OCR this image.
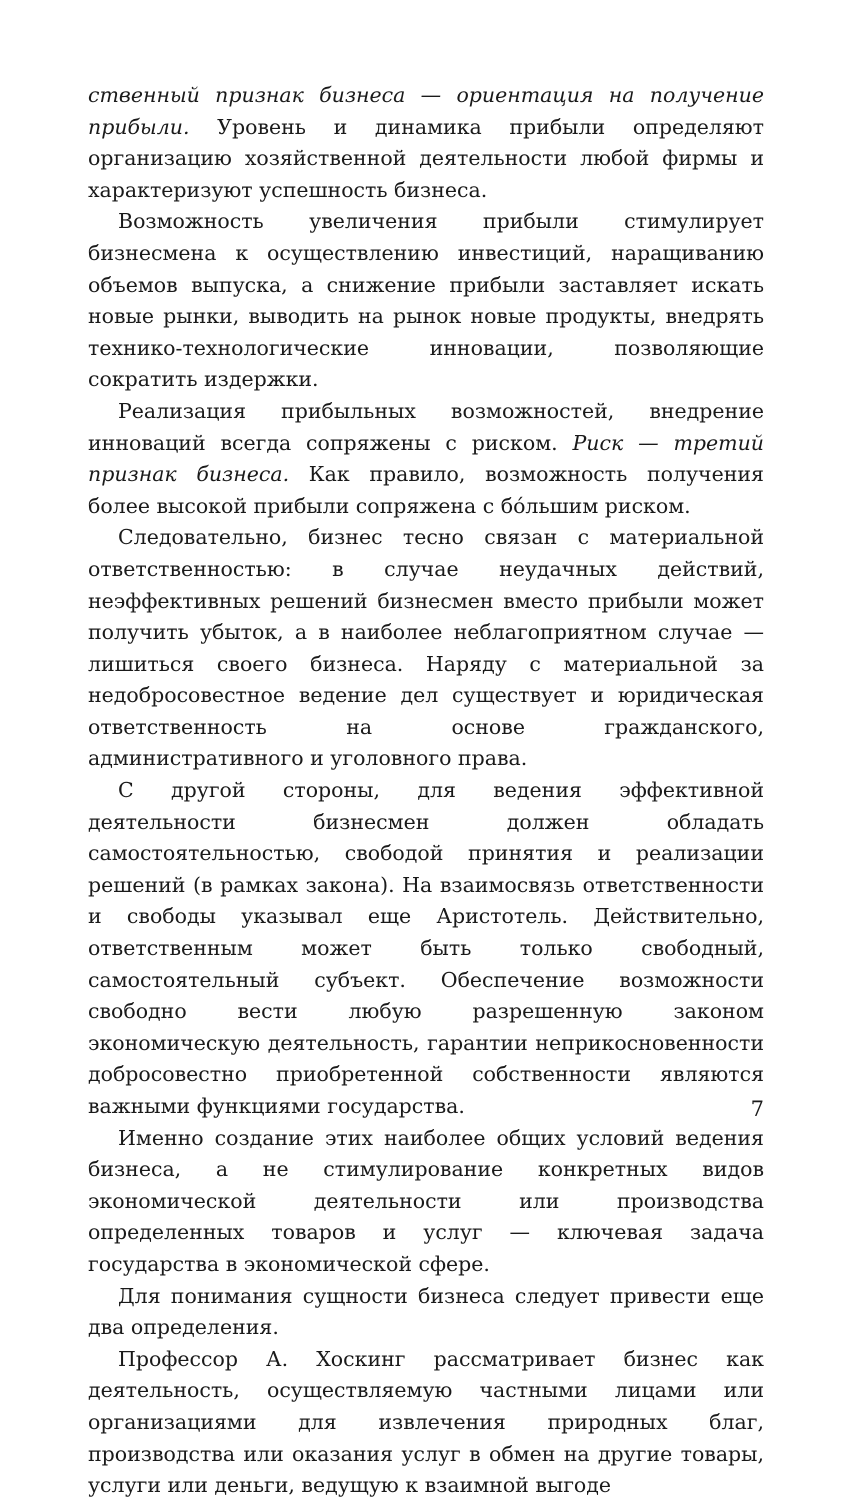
ственный признак бизнеса — ориентация на получение прибыли. Уровень и динамика прибыли определяют организацию хозяйственной деятельности любой фирмы и характеризуют успешность бизнеса.

Возможность увеличения прибыли стимулирует бизнесмена к осуществлению инвестиций, наращиванию объемов выпуска, а снижение прибыли заставляет искать новые рынки, выводить на рынок новые продукты, внедрять технико-технологические инновации, позволяющие сократить издержки.

Реализация прибыльных возможностей, внедрение инноваций всегда сопряжены с риском. Риск — третий признак бизнеса. Как правило, возможность получения более высокой прибыли сопряжена с бо́льшим риском.

Следовательно, бизнес тесно связан с материальной ответственностью: в случае неудачных действий, неэффективных решений бизнесмен вместо прибыли может получить убыток, а в наиболее неблагоприятном случае — лишиться своего бизнеса. Наряду с материальной за недобросовестное ведение дел существует и юридическая ответственность на основе гражданского, административного и уголовного права.

С другой стороны, для ведения эффективной деятельности бизнесмен должен обладать самостоятельностью, свободой принятия и реализации решений (в рамках закона). На взаимосвязь ответственности и свободы указывал еще Аристотель. Действительно, ответственным может быть только свободный, самостоятельный субъект. Обеспечение возможности свободно вести любую разрешенную законом экономическую деятельность, гарантии неприкосновенности добросовестно приобретенной собственности являются важными функциями государства.

Именно создание этих наиболее общих условий ведения бизнеса, а не стимулирование конкретных видов экономической деятельности или производства определенных товаров и услуг — ключевая задача государства в экономической сфере.

Для понимания сущности бизнеса следует привести еще два определения.

Профессор А. Хоскинг рассматривает бизнес как деятельность, осуществляемую частными лицами или организациями для извлечения природных благ, производства или оказания услуг в обмен на другие товары, услуги или деньги, ведущую к взаимной выгоде

7
